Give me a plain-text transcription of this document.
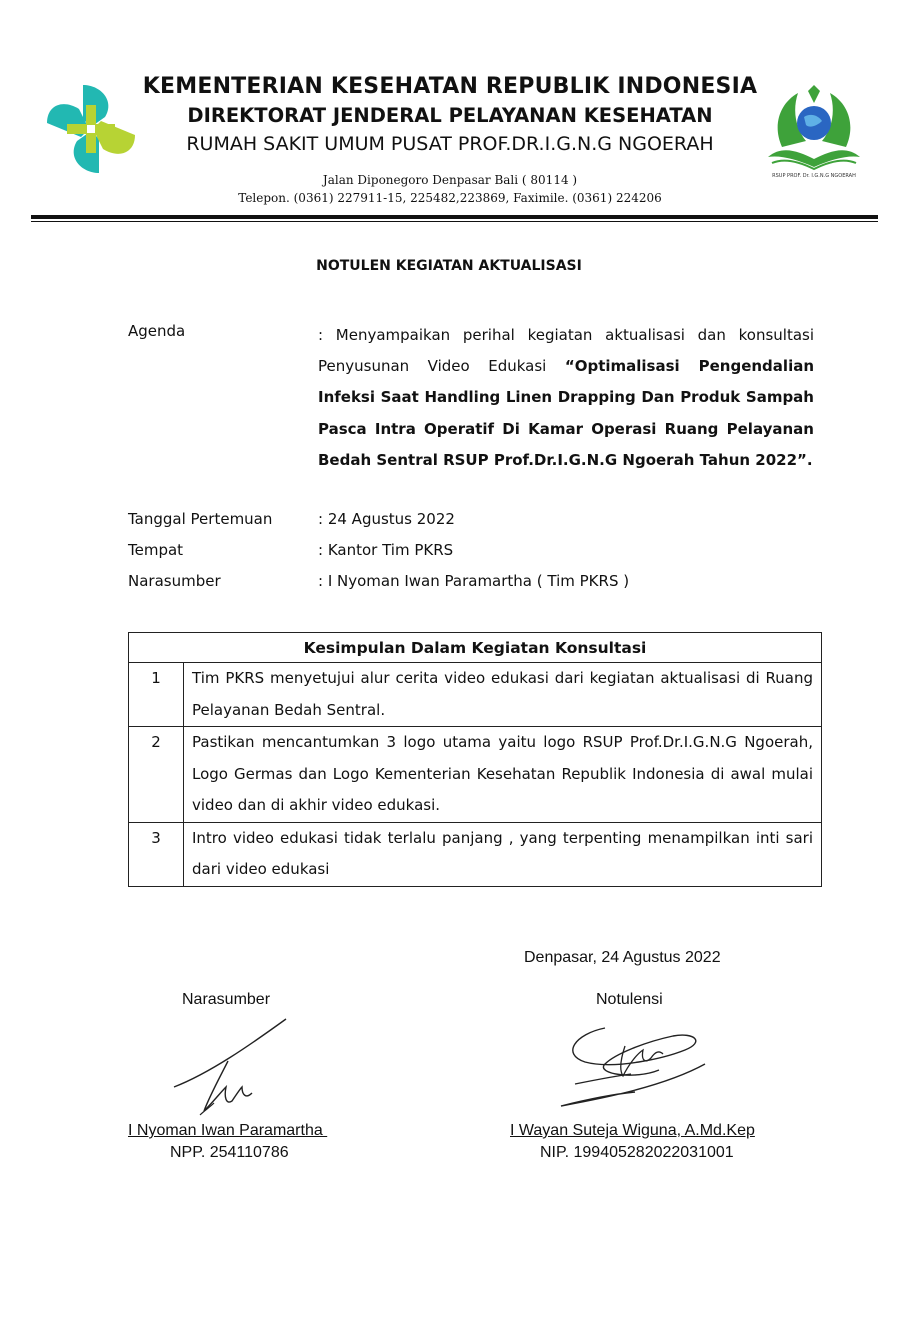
KEMENTERIAN KESEHATAN REPUBLIK INDONESIA
DIREKTORAT JENDERAL PELAYANAN KESEHATAN
RUMAH SAKIT UMUM PUSAT PROF.DR.I.G.N.G NGOERAH
Jalan Diponegoro Denpasar Bali ( 80114 )
Telepon. (0361) 227911-15, 225482,223869, Faximile. (0361) 224206
RSUP PROF. Dr. I.G.N.G NGOERAH
NOTULEN KEGIATAN AKTUALISASI
Agenda	: Menyampaikan perihal kegiatan aktualisasi dan konsultasi Penyusunan Video Edukasi “Optimalisasi Pengendalian Infeksi Saat Handling Linen Drapping Dan Produk Sampah Pasca Intra Operatif Di Kamar Operasi Ruang Pelayanan Bedah Sentral RSUP Prof.Dr.I.G.N.G Ngoerah Tahun 2022”.
Tanggal Pertemuan	: 24 Agustus 2022
Tempat	: Kantor Tim PKRS
Narasumber	: I Nyoman Iwan Paramartha ( Tim PKRS )
Kesimpulan Dalam Kegiatan Konsultasi	
1	Tim PKRS menyetujui alur cerita video edukasi dari kegiatan aktualisasi di Ruang Pelayanan Bedah Sentral.
2	Pastikan mencantumkan 3 logo utama yaitu logo RSUP Prof.Dr.I.G.N.G Ngoerah, Logo Germas dan Logo Kementerian Kesehatan Republik Indonesia di awal mulai video dan di akhir video edukasi.
3	Intro video edukasi tidak terlalu panjang , yang terpenting menampilkan inti sari dari video edukasi
Denpasar, 24 Agustus 2022
Narasumber	Notulensi
I Nyoman Iwan Paramartha	I Wayan Suteja Wiguna, A.Md.Kep
NPP. 254110786	NIP. 199405282022031001
